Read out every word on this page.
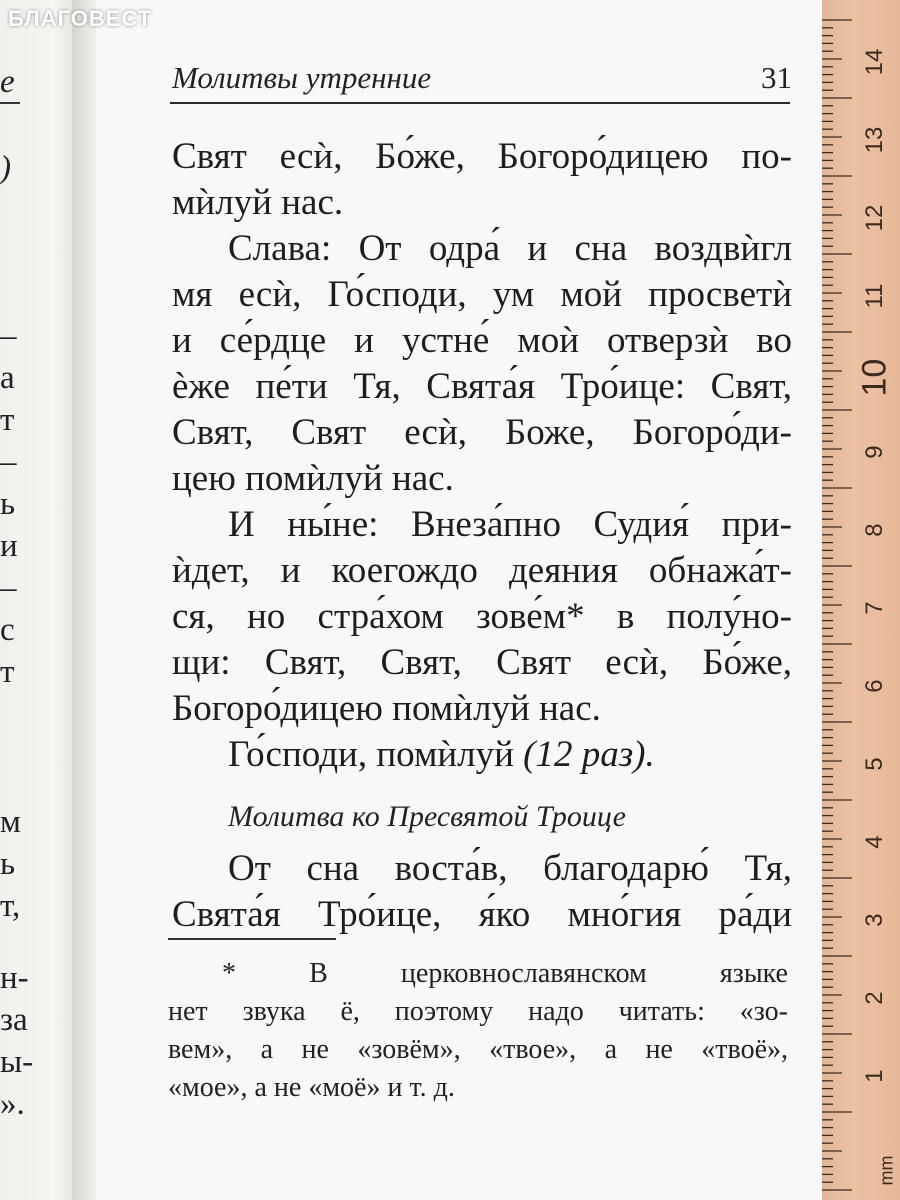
е
)
–
а
т
–
ь
и
–
с
т
м
ь
т,
н-
за
ы-
».
Молитвы утренние	31
Свят есѝ, Бо́же, Богоро́дицею по-
мѝлуй нас.
Слава: От одра́ и сна воздвѝгл
мя есѝ, Го́споди, ум мой просветѝ
и се́рдце и устне́ моѝ отверзѝ во
ѐже пе́ти Тя, Свята́я Тро́ице: Свят,
Свят, Свят есѝ, Боже, Богоро́ди-
цею помѝлуй нас.
И ны́не: Внеза́пно Судия́ при-
ѝдет, и коегождо деяния обнажа́т-
ся, но стра́хом зове́м* в полу́но-
щи: Свят, Свят, Свят есѝ, Бо́же,
Богоро́дицею помѝлуй нас.
Го́споди, помѝлуй (12 раз).
Молитва ко Пресвятой Троице
От сна воста́в, благодарю́ Тя,
Свята́я Тро́ице, я́ко мно́гия ра́ди
* В церковнославянском языке
нет звука ё, поэтому надо читать: «зо-
вем», а не «зовём», «твое», а не «твоё»,
«мое», а не «моё» и т. д.
БЛАГОВЕСТ
14
13
12
11
10
9
8
7
6
5
4
3
2
1
mm
